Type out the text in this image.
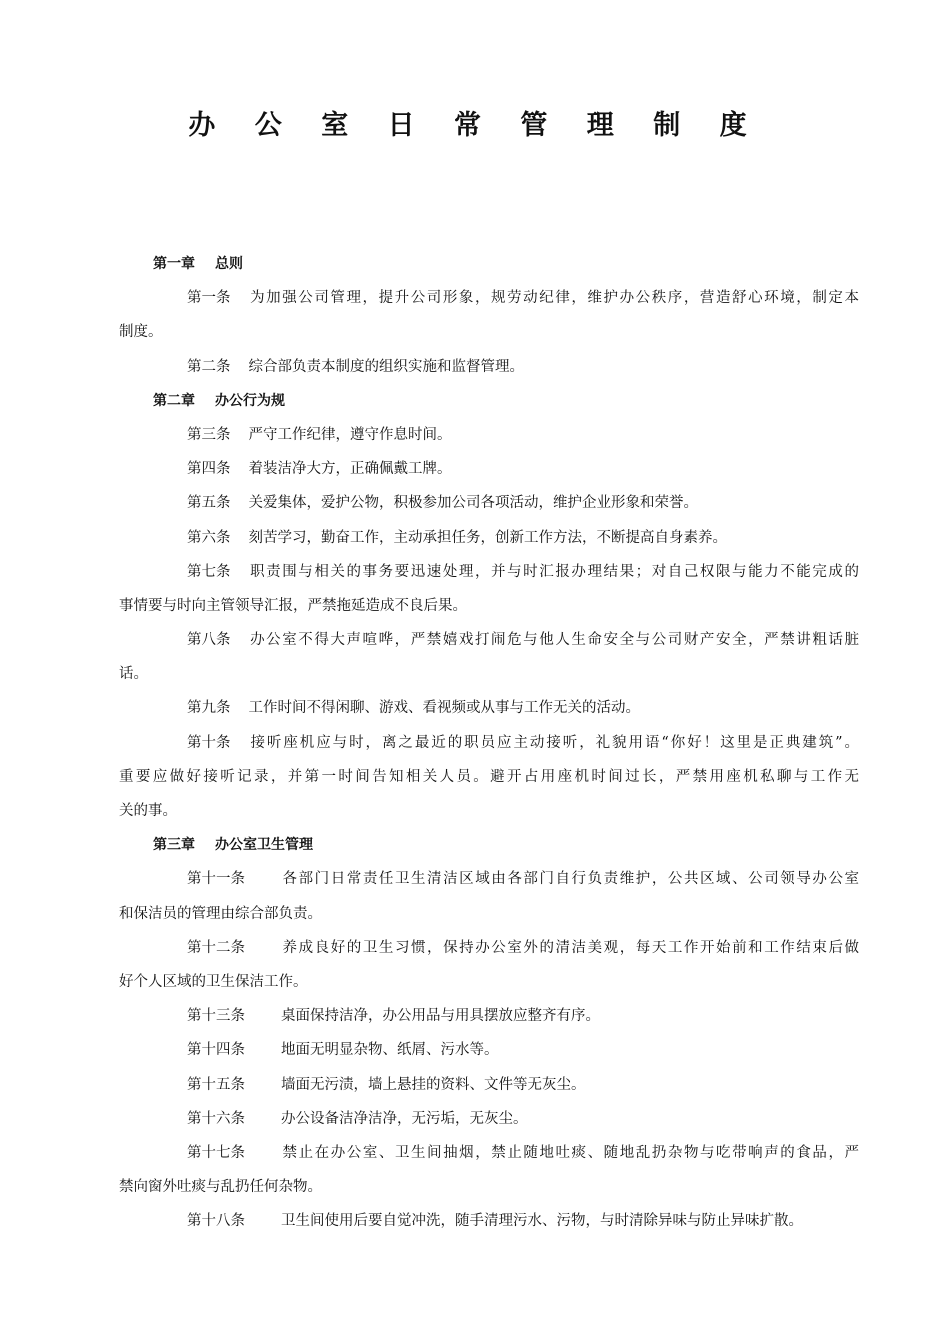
办 公 室 日 常 管 理 制 度
第一章 总则
第一条 为加强公司管理，提升公司形象，规劳动纪律，维护办公秩序，营造舒心环境，制定本
制度。
第二条 综合部负责本制度的组织实施和监督管理。
第二章 办公行为规
第三条 严守工作纪律，遵守作息时间。
第四条 着装洁净大方，正确佩戴工牌。
第五条 关爱集体，爱护公物，积极参加公司各项活动，维护企业形象和荣誉。
第六条 刻苦学习，勤奋工作，主动承担任务，创新工作方法，不断提高自身素养。
第七条 职责围与相关的事务要迅速处理，并与时汇报办理结果；对自己权限与能力不能完成的
事情要与时向主管领导汇报，严禁拖延造成不良后果。
第八条 办公室不得大声喧哗，严禁嬉戏打闹危与他人生命安全与公司财产安全，严禁讲粗话脏
话。
第九条 工作时间不得闲聊、游戏、看视频或从事与工作无关的活动。
第十条 接听座机应与时，离之最近的职员应主动接听，礼貌用语“你好！这里是正典建筑”。
重要应做好接听记录，并第一时间告知相关人员。避开占用座机时间过长，严禁用座机私聊与工作无
关的事。
第三章 办公室卫生管理
第十一条 各部门日常责任卫生清洁区域由各部门自行负责维护，公共区域、公司领导办公室
和保洁员的管理由综合部负责。
第十二条 养成良好的卫生习惯，保持办公室外的清洁美观，每天工作开始前和工作结束后做
好个人区域的卫生保洁工作。
第十三条 桌面保持洁净，办公用品与用具摆放应整齐有序。
第十四条 地面无明显杂物、纸屑、污水等。
第十五条 墙面无污渍，墙上悬挂的资料、文件等无灰尘。
第十六条 办公设备洁净洁净，无污垢，无灰尘。
第十七条 禁止在办公室、卫生间抽烟，禁止随地吐痰、随地乱扔杂物与吃带响声的食品，严
禁向窗外吐痰与乱扔任何杂物。
第十八条 卫生间使用后要自觉冲洗，随手清理污水、污物，与时清除异味与防止异味扩散。
